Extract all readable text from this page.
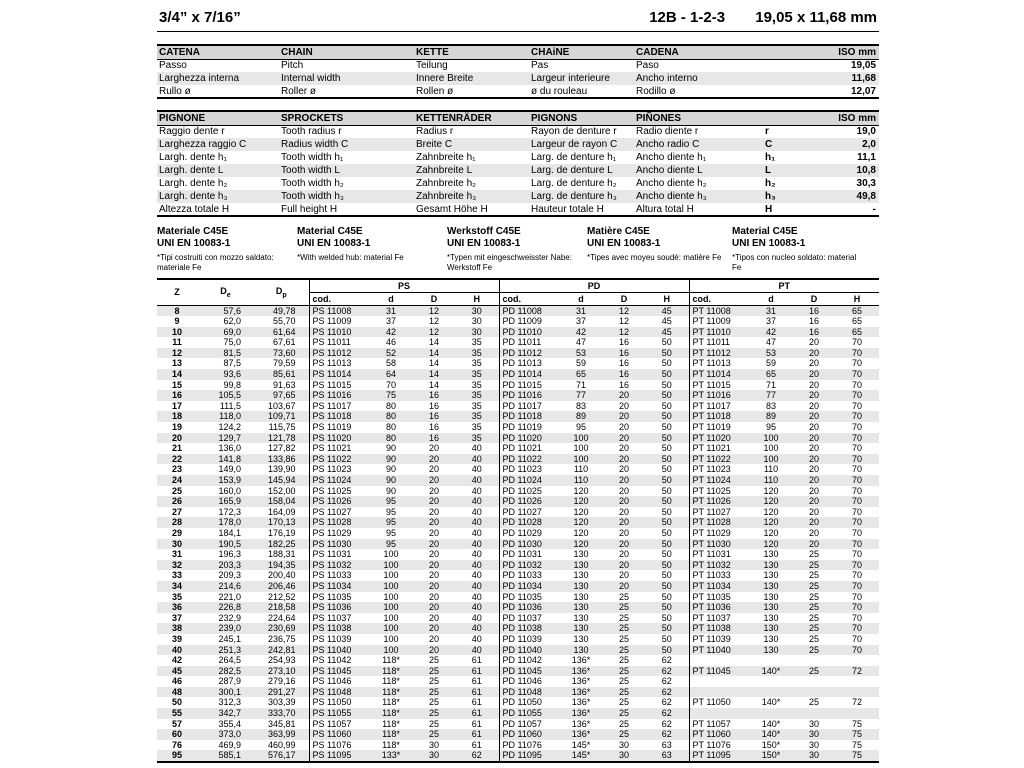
3/4” x 7/16”	12B - 1-2-3 19,05 x 11,68 mm
CATENA	CHAIN	KETTE	CHAiNE	CADENA	ISO mm
Passo	Pitch	Teilung	Pas	Paso	19,05
Larghezza interna	Internal width	Innere Breite	Largeur interieure	Ancho interno	11,68
Rullo ø	Roller ø	Rollen ø	ø du rouleau	Rodillo ø	12,07
PIGNONE	SPROCKETS	KETTENRÄDER	PIGNONS	PIÑONES		ISO mm
Raggio dente r	Tooth radius r	Radius r	Rayon de denture r	Radio diente r	r	19,0
Larghezza raggio C	Radius width C	Breite C	Largeur de rayon C	Ancho radio C	C	2,0
Largh. dente h₁	Tooth width h₁	Zahnbreite h₁	Larg. de denture h₁	Ancho diente h₁	h₁	11,1
Largh. dente L	Tooth width L	Zahnbreite L	Larg. de denture L	Ancho diente L	L	10,8
Largh. dente h₂	Tooth width h₂	Zahnbreite h₂	Larg. de denture h₂	Ancho diente h₂	h₂	30,3
Largh. dente h₃	Tooth width h₃	Zahnbreite h₃	Larg. de denture h₃	Ancho diente h₃	h₃	49,8
Altezza totale H	Full height H	Gesamt Höhe H	Hauteur totale H	Altura total H	H	-
Materiale C45E
UNI EN 10083-1
*Tipi costruiti con mozzo saldato: materiale Fe
Material C45E
UNI EN 10083-1
*With welded hub: material Fe
Werkstoff C45E
UNI EN 10083-1
*Typen mit eingeschweisster Nabe: Werkstoff Fe
Matière C45E
UNI EN 10083-1
*Tipes avec moyeu soudé: matière Fe
Material C45E
UNI EN 10083-1
*Tipos con nucleo soldato: material Fe
Z	$D_e$	$D_p$	PS				PD				PT			
			cod.	d	D	H	cod.	d	D	H	cod.	d	D	H
8	57,6	49,78	PS 11008	31	12	30	PD 11008	31	12	45	PT 11008	31	16	65
9	62,0	55,70	PS 11009	37	12	30	PD 11009	37	12	45	PT 11009	37	16	65
10	69,0	61,64	PS 11010	42	12	30	PD 11010	42	12	45	PT 11010	42	16	65
11	75,0	67,61	PS 11011	46	14	35	PD 11011	47	16	50	PT 11011	47	20	70
12	81,5	73,60	PS 11012	52	14	35	PD 11012	53	16	50	PT 11012	53	20	70
13	87,5	79,59	PS 11013	58	14	35	PD 11013	59	16	50	PT 11013	59	20	70
14	93,6	85,61	PS 11014	64	14	35	PD 11014	65	16	50	PT 11014	65	20	70
15	99,8	91,63	PS 11015	70	14	35	PD 11015	71	16	50	PT 11015	71	20	70
16	105,5	97,65	PS 11016	75	16	35	PD 11016	77	20	50	PT 11016	77	20	70
17	111,5	103,67	PS 11017	80	16	35	PD 11017	83	20	50	PT 11017	83	20	70
18	118,0	109,71	PS 11018	80	16	35	PD 11018	89	20	50	PT 11018	89	20	70
19	124,2	115,75	PS 11019	80	16	35	PD 11019	95	20	50	PT 11019	95	20	70
20	129,7	121,78	PS 11020	80	16	35	PD 11020	100	20	50	PT 11020	100	20	70
21	136,0	127,82	PS 11021	90	20	40	PD 11021	100	20	50	PT 11021	100	20	70
22	141,8	133,86	PS 11022	90	20	40	PD 11022	100	20	50	PT 11022	100	20	70
23	149,0	139,90	PS 11023	90	20	40	PD 11023	110	20	50	PT 11023	110	20	70
24	153,9	145,94	PS 11024	90	20	40	PD 11024	110	20	50	PT 11024	110	20	70
25	160,0	152,00	PS 11025	90	20	40	PD 11025	120	20	50	PT 11025	120	20	70
26	165,9	158,04	PS 11026	95	20	40	PD 11026	120	20	50	PT 11026	120	20	70
27	172,3	164,09	PS 11027	95	20	40	PD 11027	120	20	50	PT 11027	120	20	70
28	178,0	170,13	PS 11028	95	20	40	PD 11028	120	20	50	PT 11028	120	20	70
29	184,1	176,19	PS 11029	95	20	40	PD 11029	120	20	50	PT 11029	120	20	70
30	190,5	182,25	PS 11030	95	20	40	PD 11030	120	20	50	PT 11030	120	20	70
31	196,3	188,31	PS 11031	100	20	40	PD 11031	130	20	50	PT 11031	130	25	70
32	203,3	194,35	PS 11032	100	20	40	PD 11032	130	20	50	PT 11032	130	25	70
33	209,3	200,40	PS 11033	100	20	40	PD 11033	130	20	50	PT 11033	130	25	70
34	214,6	206,46	PS 11034	100	20	40	PD 11034	130	20	50	PT 11034	130	25	70
35	221,0	212,52	PS 11035	100	20	40	PD 11035	130	25	50	PT 11035	130	25	70
36	226,8	218,58	PS 11036	100	20	40	PD 11036	130	25	50	PT 11036	130	25	70
37	232,9	224,64	PS 11037	100	20	40	PD 11037	130	25	50	PT 11037	130	25	70
38	239,0	230,69	PS 11038	100	20	40	PD 11038	130	25	50	PT 11038	130	25	70
39	245,1	236,75	PS 11039	100	20	40	PD 11039	130	25	50	PT 11039	130	25	70
40	251,3	242,81	PS 11040	100	20	40	PD 11040	130	25	50	PT 11040	130	25	70
42	264,5	254,93	PS 11042	118*	25	61	PD 11042	136*	25	62				
45	282,5	273,10	PS 11045	118*	25	61	PD 11045	136*	25	62	PT 11045	140*	25	72
46	287,9	279,16	PS 11046	118*	25	61	PD 11046	136*	25	62				
48	300,1	291,27	PS 11048	118*	25	61	PD 11048	136*	25	62				
50	312,3	303,39	PS 11050	118*	25	61	PD 11050	136*	25	62	PT 11050	140*	25	72
55	342,7	333,70	PS 11055	118*	25	61	PD 11055	136*	25	62				
57	355,4	345,81	PS 11057	118*	25	61	PD 11057	136*	25	62	PT 11057	140*	30	75
60	373,0	363,99	PS 11060	118*	25	61	PD 11060	136*	25	62	PT 11060	140*	30	75
76	469,9	460,99	PS 11076	118*	30	61	PD 11076	145*	30	63	PT 11076	150*	30	75
95	585,1	576,17	PS 11095	133*	30	62	PD 11095	145*	30	63	PT 11095	150*	30	75
